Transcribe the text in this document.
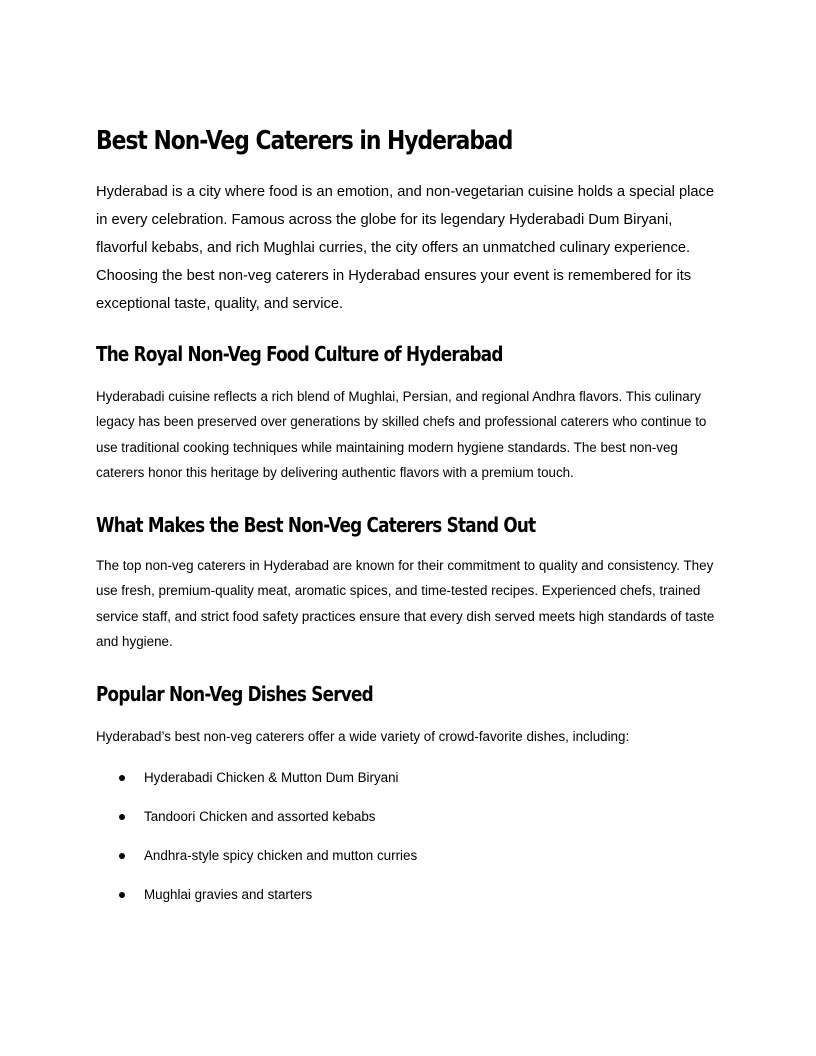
Best Non-Veg Caterers in Hyderabad

Hyderabad is a city where food is an emotion, and non-vegetarian cuisine holds a special place in every celebration. Famous across the globe for its legendary Hyderabadi Dum Biryani, flavorful kebabs, and rich Mughlai curries, the city offers an unmatched culinary experience. Choosing the best non-veg caterers in Hyderabad ensures your event is remembered for its exceptional taste, quality, and service.

The Royal Non-Veg Food Culture of Hyderabad

Hyderabadi cuisine reflects a rich blend of Mughlai, Persian, and regional Andhra flavors. This culinary legacy has been preserved over generations by skilled chefs and professional caterers who continue to use traditional cooking techniques while maintaining modern hygiene standards. The best non-veg caterers honor this heritage by delivering authentic flavors with a premium touch.

What Makes the Best Non-Veg Caterers Stand Out

The top non-veg caterers in Hyderabad are known for their commitment to quality and consistency. They use fresh, premium-quality meat, aromatic spices, and time-tested recipes. Experienced chefs, trained service staff, and strict food safety practices ensure that every dish served meets high standards of taste and hygiene.

Popular Non-Veg Dishes Served

Hyderabad’s best non-veg caterers offer a wide variety of crowd-favorite dishes, including:

Hyderabadi Chicken & Mutton Dum Biryani
Tandoori Chicken and assorted kebabs
Andhra-style spicy chicken and mutton curries
Mughlai gravies and starters
